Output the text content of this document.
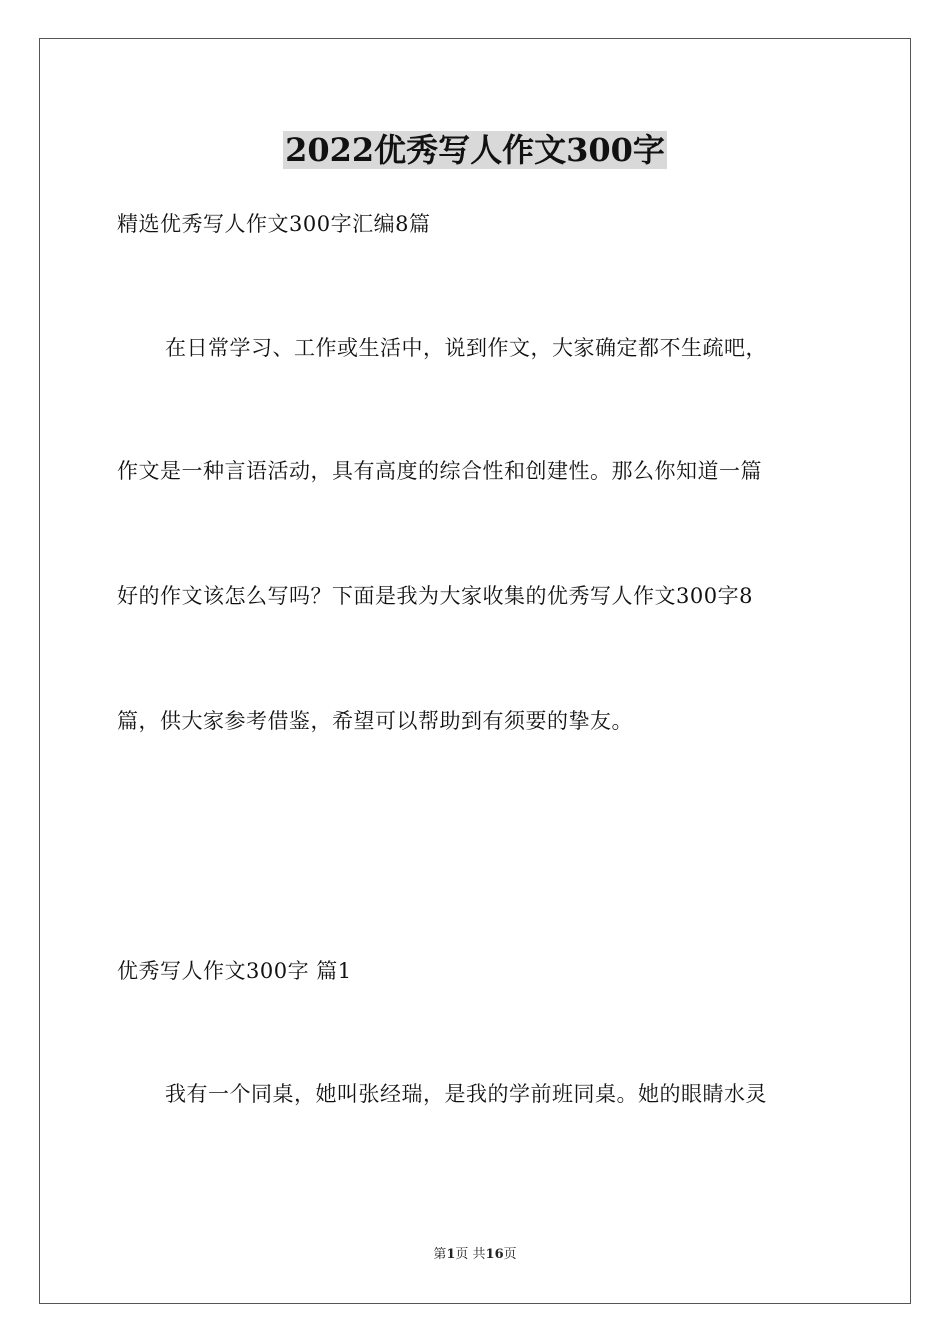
2022优秀写人作文300字
精选优秀写人作文300字汇编8篇
在日常学习、工作或生活中，说到作文，大家确定都不生疏吧，
作文是一种言语活动，具有高度的综合性和创建性。那么你知道一篇
好的作文该怎么写吗？下面是我为大家收集的优秀写人作文300字8
篇，供大家参考借鉴，希望可以帮助到有须要的挚友。
优秀写人作文300字 篇1
我有一个同桌，她叫张经瑞，是我的学前班同桌。她的眼睛水灵
第1页 共16页
